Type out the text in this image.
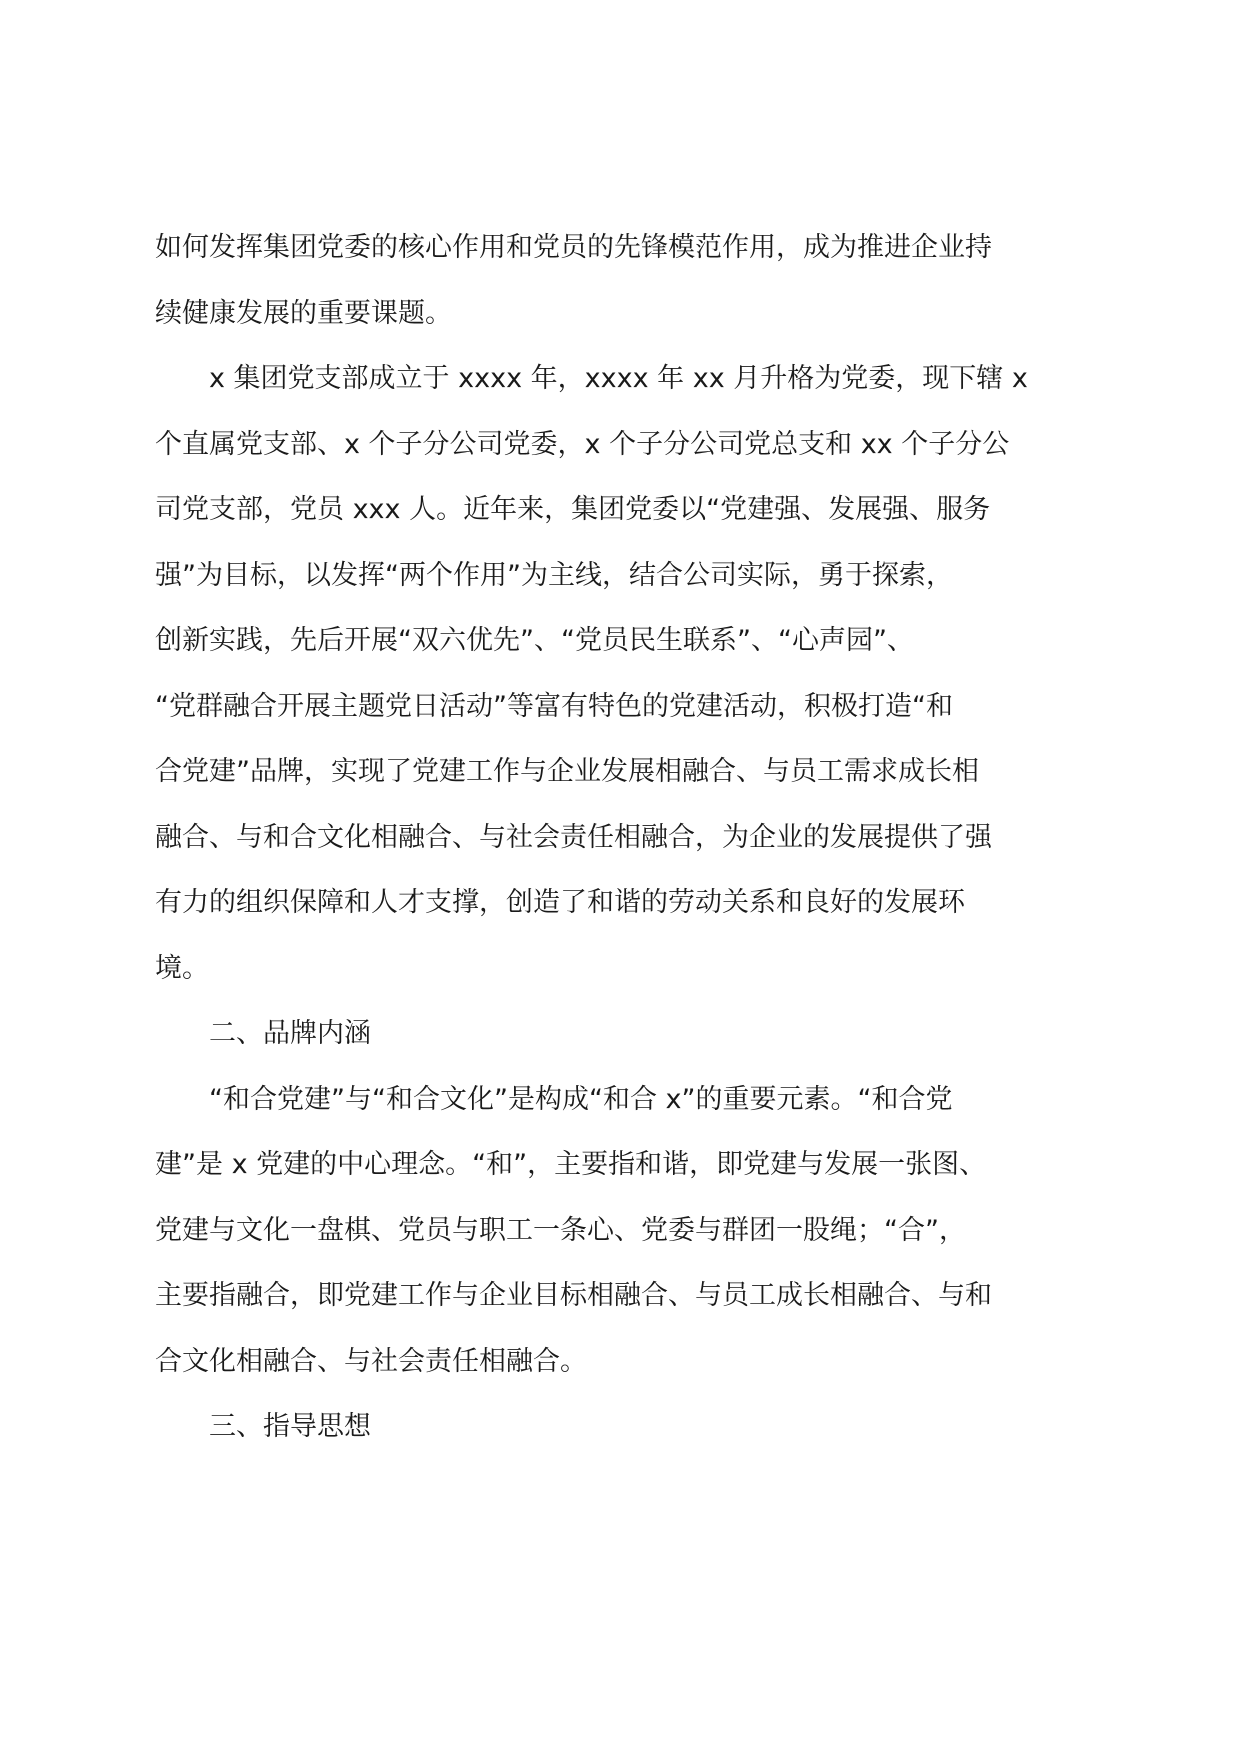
如何发挥集团党委的核心作用和党员的先锋模范作用，成为推进企业持
续健康发展的重要课题。

x 集团党支部成立于 xxxx 年，xxxx 年 xx 月升格为党委，现下辖 x
个直属党支部、x 个子分公司党委，x 个子分公司党总支和 xx 个子分公
司党支部，党员 xxx 人。近年来，集团党委以“党建强、发展强、服务
强”为目标，以发挥“两个作用”为主线，结合公司实际，勇于探索，
创新实践，先后开展“双六优先”、“党员民生联系”、“心声园”、
“党群融合开展主题党日活动”等富有特色的党建活动，积极打造“和
合党建”品牌，实现了党建工作与企业发展相融合、与员工需求成长相
融合、与和合文化相融合、与社会责任相融合，为企业的发展提供了强
有力的组织保障和人才支撑，创造了和谐的劳动关系和良好的发展环
境。

二、品牌内涵

“和合党建”与“和合文化”是构成“和合 x”的重要元素。“和合党
建”是 x 党建的中心理念。“和”，主要指和谐，即党建与发展一张图、
党建与文化一盘棋、党员与职工一条心、党委与群团一股绳；“合”，
主要指融合，即党建工作与企业目标相融合、与员工成长相融合、与和
合文化相融合、与社会责任相融合。

三、指导思想
